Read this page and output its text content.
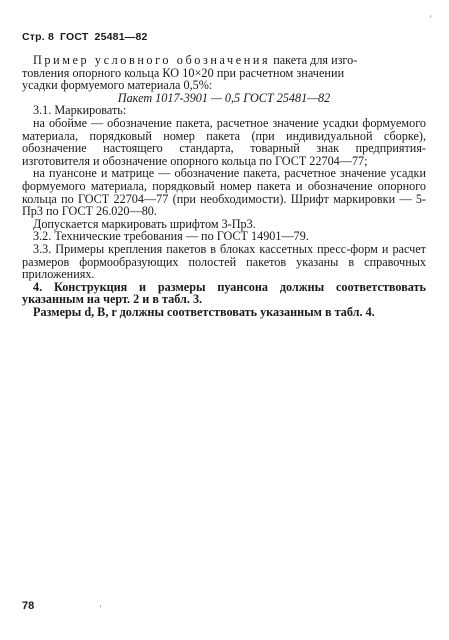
Стр. 8 ГОСТ 25481—82
'

Пример условного обозначения пакета для изго-

товления опорного кольца КО 10×20 при расчетном значении

усадки формуемого материала 0,5%:

Пакет 1017-3901 — 0,5 ГОСТ 25481—82

3.1. Маркировать:

на обойме — обозначение пакета, расчетное значение усадки формуемого материала, порядковый номер пакета (при индивидуальной сборке), обозначение настоящего стандарта, товарный знак предприятия-изготовителя и обозначение опорного кольца по ГОСТ 22704—77;

на пуансоне и матрице — обозначение пакета, расчетное значение усадки формуемого материала, порядковый номер пакета и обозначение опорного кольца по ГОСТ 22704—77 (при необходимости). Шрифт маркировки — 5-Пр3 по ГОСТ 26.020—80.

Допускается маркировать шрифтом 3-Пр3.

3.2. Технические требования — по ГОСТ 14901—79.

3.3. Примеры крепления пакетов в блоках кассетных пресс-форм и расчет размеров формообразующих полостей пакетов указаны в справочных приложениях.

4. Конструкция и размеры пуансона должны соответствовать указанным на черт. 2 и в табл. 3.

Размеры d, B, r должны соответствовать указанным в табл. 4.

78	'
